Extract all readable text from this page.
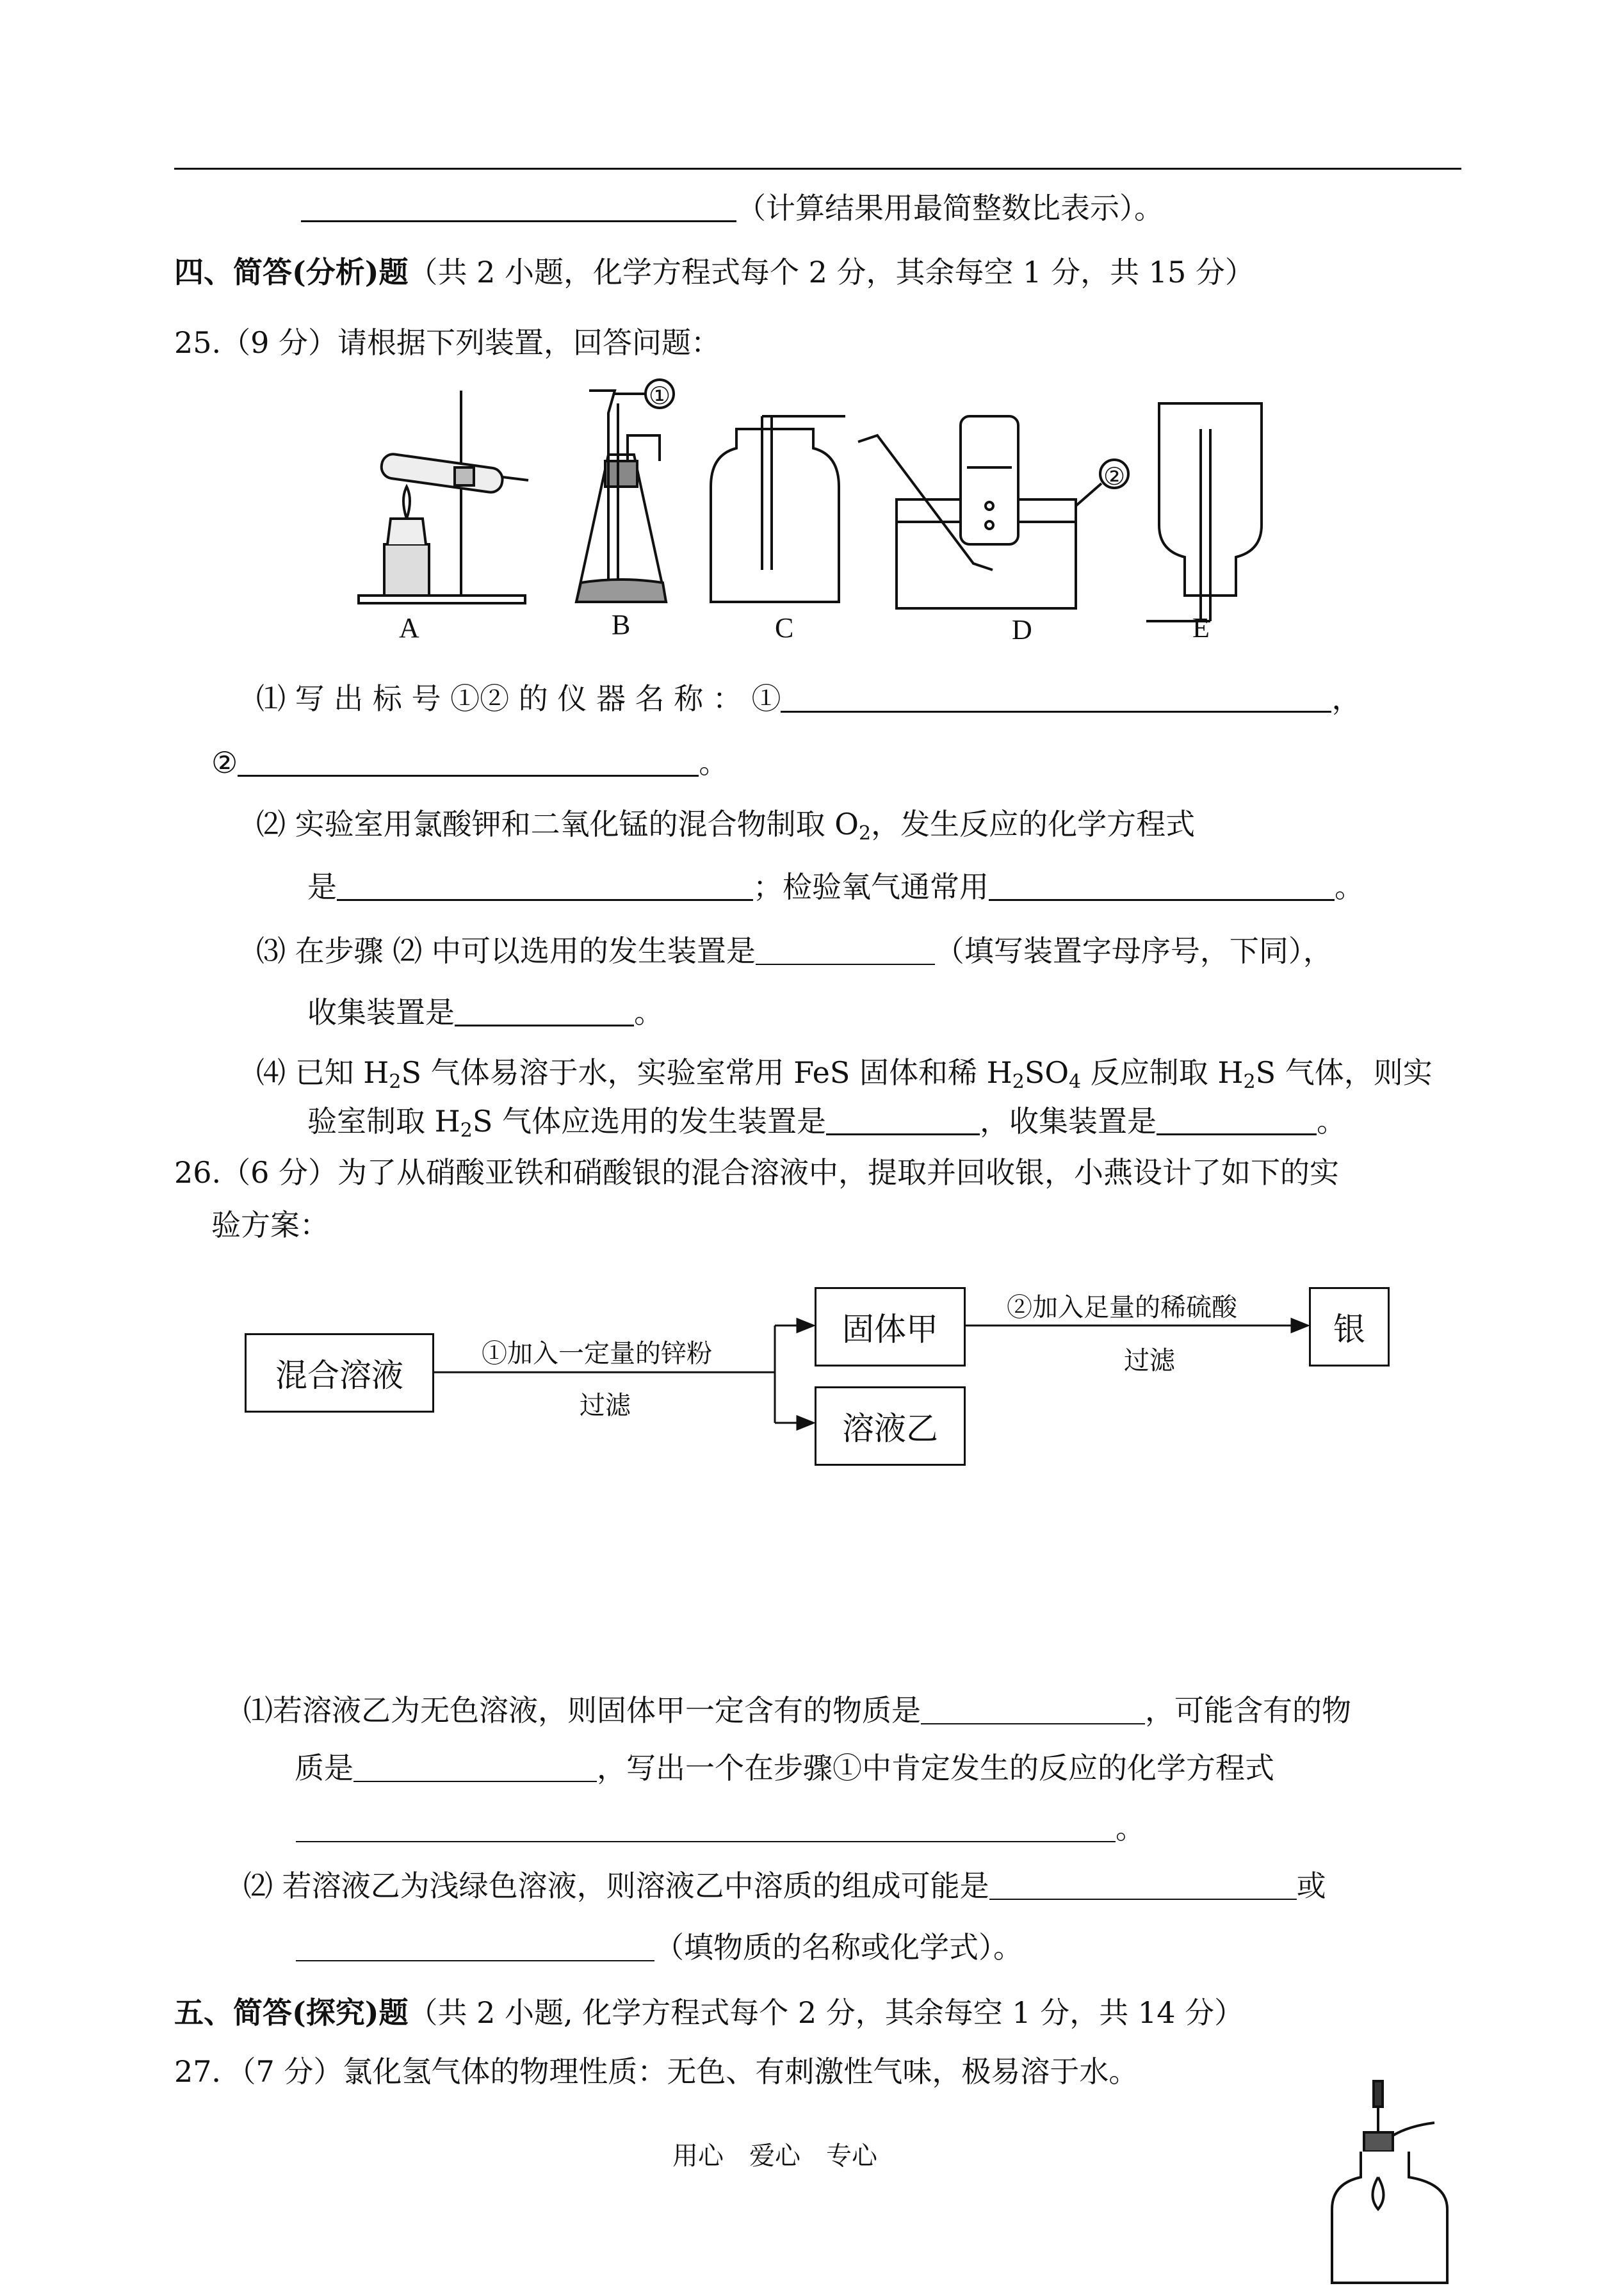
（计算结果用最简整数比表示）。
四、简答(分析)题（共 2 小题，化学方程式每个 2 分，其余每空 1 分，共 15 分）
25.（9 分）请根据下列装置，回答问题：
A	B	C	D	E
①
②
⑴ 写 出 标 号 ①② 的 仪 器 名 称 ： ①	，
②	。
⑵ 实验室用氯酸钾和二氧化锰的混合物制取 $O_2$，发生反应的化学方程式
是	；检验氧气通常用	。
⑶ 在步骤 ⑵ 中可以选用的发生装置是	（填写装置字母序号，下同），
收集装置是	。
⑷ 已知 $H_2S$ 气体易溶于水，实验室常用 FeS 固体和稀 $H_2SO_4$ 反应制取 $H_2S$ 气体，则实
验室制取 $H_2S$ 气体应选用的发生装置是	，收集装置是	。
26.（6 分）为了从硝酸亚铁和硝酸银的混合溶液中，提取并回收银，小燕设计了如下的实
验方案：
混合溶液
固体甲
溶液乙
银
①加入一定量的锌粉
过滤
②加入足量的稀硫酸
过滤
⑴若溶液乙为无色溶液，则固体甲一定含有的物质是	，可能含有的物
质是	，写出一个在步骤①中肯定发生的反应的化学方程式
。
⑵ 若溶液乙为浅绿色溶液，则溶液乙中溶质的组成可能是	或
（填物质的名称或化学式）。
五、简答(探究)题（共 2 小题, 化学方程式每个 2 分，其余每空 1 分，共 14 分）
27．（7 分）氯化氢气体的物理性质：无色、有刺激性气味，极易溶于水。
用心　爱心　专心
